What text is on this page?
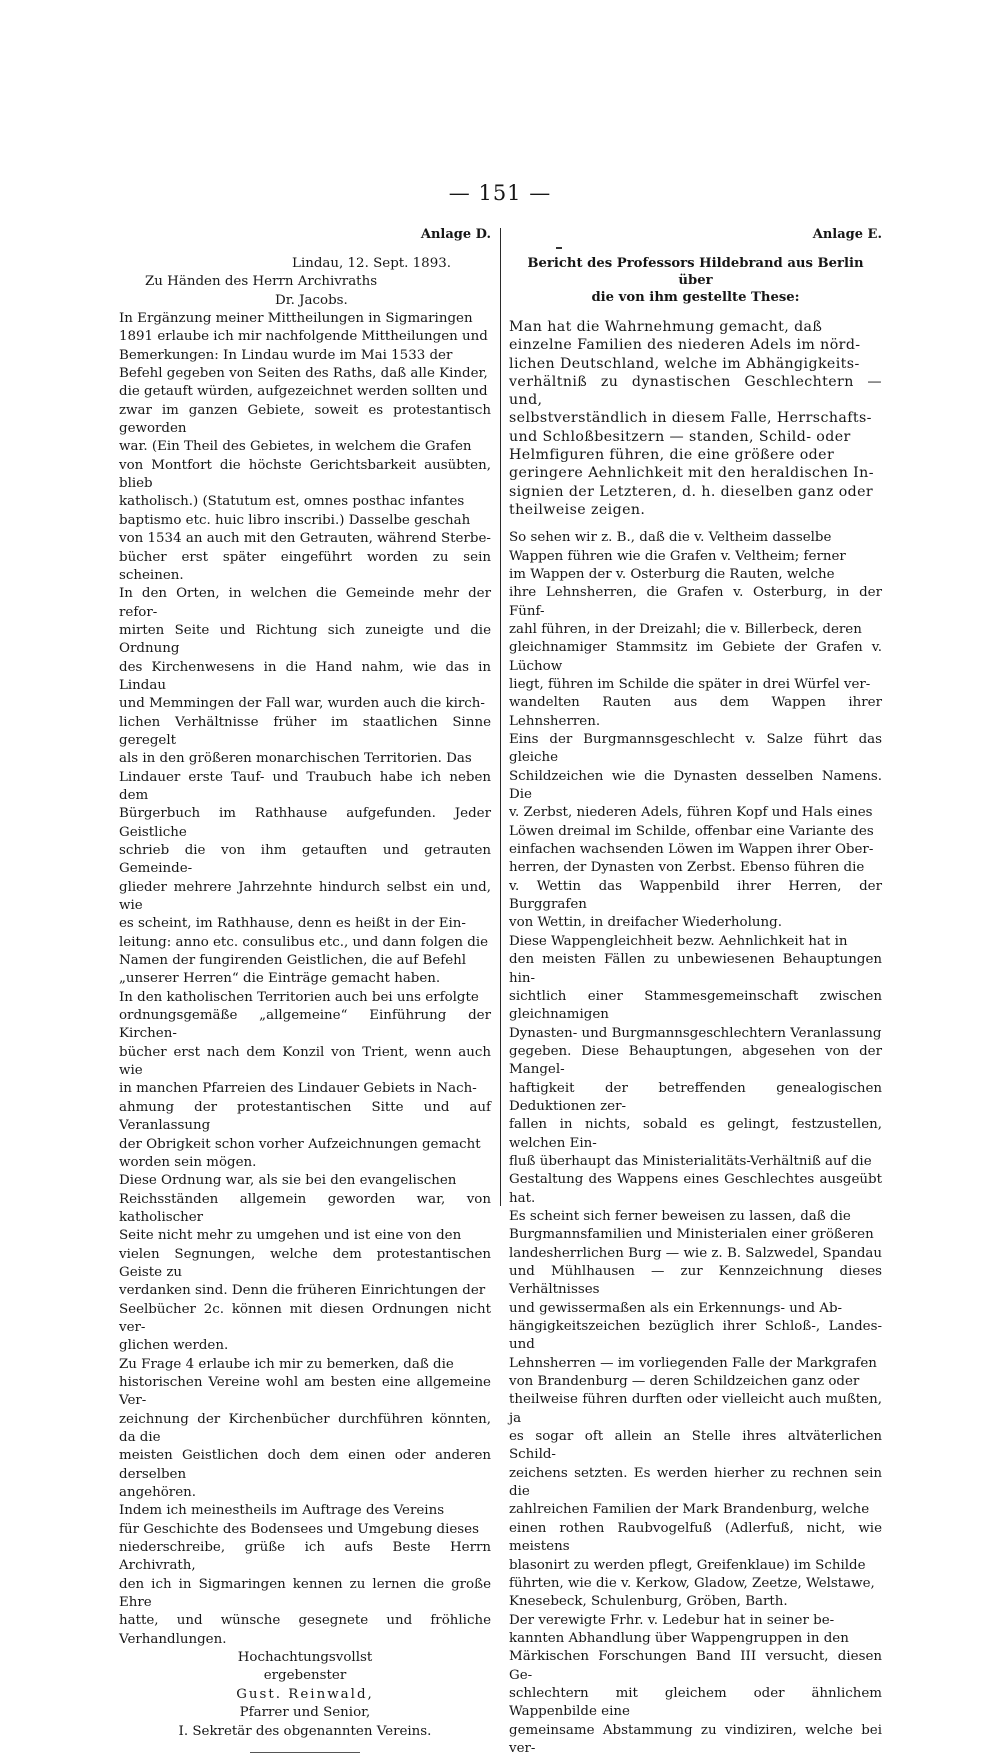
— 151 —
Anlage D.
Lindau, 12. Sept. 1893.
Zu Händen des Herrn Archivraths
Dr. Jacobs.

In Ergänzung meiner Mittheilungen in Sigmaringen
1891 erlaube ich mir nachfolgende Mittheilungen und
Bemerkungen: In Lindau wurde im Mai 1533 der
Befehl gegeben von Seiten des Raths, daß alle Kinder,
die getauft würden, aufgezeichnet werden sollten und
zwar im ganzen Gebiete, soweit es protestantisch geworden
war. (Ein Theil des Gebietes, in welchem die Grafen
von Montfort die höchste Gerichtsbarkeit ausübten, blieb
katholisch.) (Statutum est, omnes posthac infantes
baptismo etc. huic libro inscribi.) Dasselbe geschah
von 1534 an auch mit den Getrauten, während Sterbe-
bücher erst später eingeführt worden zu sein scheinen.
In den Orten, in welchen die Gemeinde mehr der refor-
mirten Seite und Richtung sich zuneigte und die Ordnung
des Kirchenwesens in die Hand nahm, wie das in Lindau
und Memmingen der Fall war, wurden auch die kirch-
lichen Verhältnisse früher im staatlichen Sinne geregelt
als in den größeren monarchischen Territorien. Das
Lindauer erste Tauf- und Traubuch habe ich neben dem
Bürgerbuch im Rathhause aufgefunden. Jeder Geistliche
schrieb die von ihm getauften und getrauten Gemeinde-
glieder mehrere Jahrzehnte hindurch selbst ein und, wie
es scheint, im Rathhause, denn es heißt in der Ein-
leitung: anno etc. consulibus etc., und dann folgen die
Namen der fungirenden Geistlichen, die auf Befehl
„unserer Herren“ die Einträge gemacht haben.

In den katholischen Territorien auch bei uns erfolgte
ordnungsgemäße „allgemeine“ Einführung der Kirchen-
bücher erst nach dem Konzil von Trient, wenn auch wie
in manchen Pfarreien des Lindauer Gebiets in Nach-
ahmung der protestantischen Sitte und auf Veranlassung
der Obrigkeit schon vorher Aufzeichnungen gemacht
worden sein mögen.

Diese Ordnung war, als sie bei den evangelischen
Reichsständen allgemein geworden war, von katholischer
Seite nicht mehr zu umgehen und ist eine von den
vielen Segnungen, welche dem protestantischen Geiste zu
verdanken sind. Denn die früheren Einrichtungen der
Seelbücher 2c. können mit diesen Ordnungen nicht ver-
glichen werden.

Zu Frage 4 erlaube ich mir zu bemerken, daß die
historischen Vereine wohl am besten eine allgemeine Ver-
zeichnung der Kirchenbücher durchführen könnten, da die
meisten Geistlichen doch dem einen oder anderen derselben
angehören.

Indem ich meinestheils im Auftrage des Vereins
für Geschichte des Bodensees und Umgebung dieses
niederschreibe, grüße ich aufs Beste Herrn Archivrath,
den ich in Sigmaringen kennen zu lernen die große Ehre
hatte, und wünsche gesegnete und fröhliche Verhandlungen.

Hochachtungsvollst
ergebenster
Gust. Reinwald,
Pfarrer und Senior,
I. Sekretär des obgenannten Vereins.
Anlage E.
Bericht des Professors Hildebrand aus Berlin über
die von ihm gestellte These:

Man hat die Wahrnehmung gemacht, daß
einzelne Familien des niederen Adels im nörd-
lichen Deutschland, welche im Abhängigkeits-
verhältniß zu dynastischen Geschlechtern — und,
selbstverständlich in diesem Falle, Herrschafts-
und Schloßbesitzern — standen, Schild- oder
Helmfiguren führen, die eine größere oder
geringere Aehnlichkeit mit den heraldischen In-
signien der Letzteren, d. h. dieselben ganz oder
theilweise zeigen.

So sehen wir z. B., daß die v. Veltheim dasselbe
Wappen führen wie die Grafen v. Veltheim; ferner
im Wappen der v. Osterburg die Rauten, welche
ihre Lehnsherren, die Grafen v. Osterburg, in der Fünf-
zahl führen, in der Dreizahl; die v. Billerbeck, deren
gleichnamiger Stammsitz im Gebiete der Grafen v. Lüchow
liegt, führen im Schilde die später in drei Würfel ver-
wandelten Rauten aus dem Wappen ihrer Lehnsherren.
Eins der Burgmannsgeschlecht v. Salze führt das gleiche
Schildzeichen wie die Dynasten desselben Namens. Die
v. Zerbst, niederen Adels, führen Kopf und Hals eines
Löwen dreimal im Schilde, offenbar eine Variante des
einfachen wachsenden Löwen im Wappen ihrer Ober-
herren, der Dynasten von Zerbst. Ebenso führen die
v. Wettin das Wappenbild ihrer Herren, der Burggrafen
von Wettin, in dreifacher Wiederholung.

Diese Wappengleichheit bezw. Aehnlichkeit hat in
den meisten Fällen zu unbewiesenen Behauptungen hin-
sichtlich einer Stammesgemeinschaft zwischen gleichnamigen
Dynasten- und Burgmannsgeschlechtern Veranlassung
gegeben. Diese Behauptungen, abgesehen von der Mangel-
haftigkeit der betreffenden genealogischen Deduktionen zer-
fallen in nichts, sobald es gelingt, festzustellen, welchen Ein-
fluß überhaupt das Ministerialitäts-Verhältniß auf die
Gestaltung des Wappens eines Geschlechtes ausgeübt hat.

Es scheint sich ferner beweisen zu lassen, daß die
Burgmannsfamilien und Ministerialen einer größeren
landesherrlichen Burg — wie z. B. Salzwedel, Spandau
und Mühlhausen — zur Kennzeichnung dieses Verhältnisses
und gewissermaßen als ein Erkennungs- und Ab-
hängigkeitszeichen bezüglich ihrer Schloß-, Landes- und
Lehnsherren — im vorliegenden Falle der Markgrafen
von Brandenburg — deren Schildzeichen ganz oder
theilweise führen durften oder vielleicht auch mußten, ja
es sogar oft allein an Stelle ihres altväterlichen Schild-
zeichens setzten. Es werden hierher zu rechnen sein die
zahlreichen Familien der Mark Brandenburg, welche
einen rothen Raubvogelfuß (Adlerfuß, nicht, wie meistens
blasonirt zu werden pflegt, Greifenklaue) im Schilde
führten, wie die v. Kerkow, Gladow, Zeetze, Welstawe,
Knesebeck, Schulenburg, Gröben, Barth.

Der verewigte Frhr. v. Ledebur hat in seiner be-
kannten Abhandlung über Wappengruppen in den
Märkischen Forschungen Band III versucht, diesen Ge-
schlechtern mit gleichem oder ähnlichem Wappenbilde eine
gemeinsame Abstammung zu vindiziren, welche bei ver-
